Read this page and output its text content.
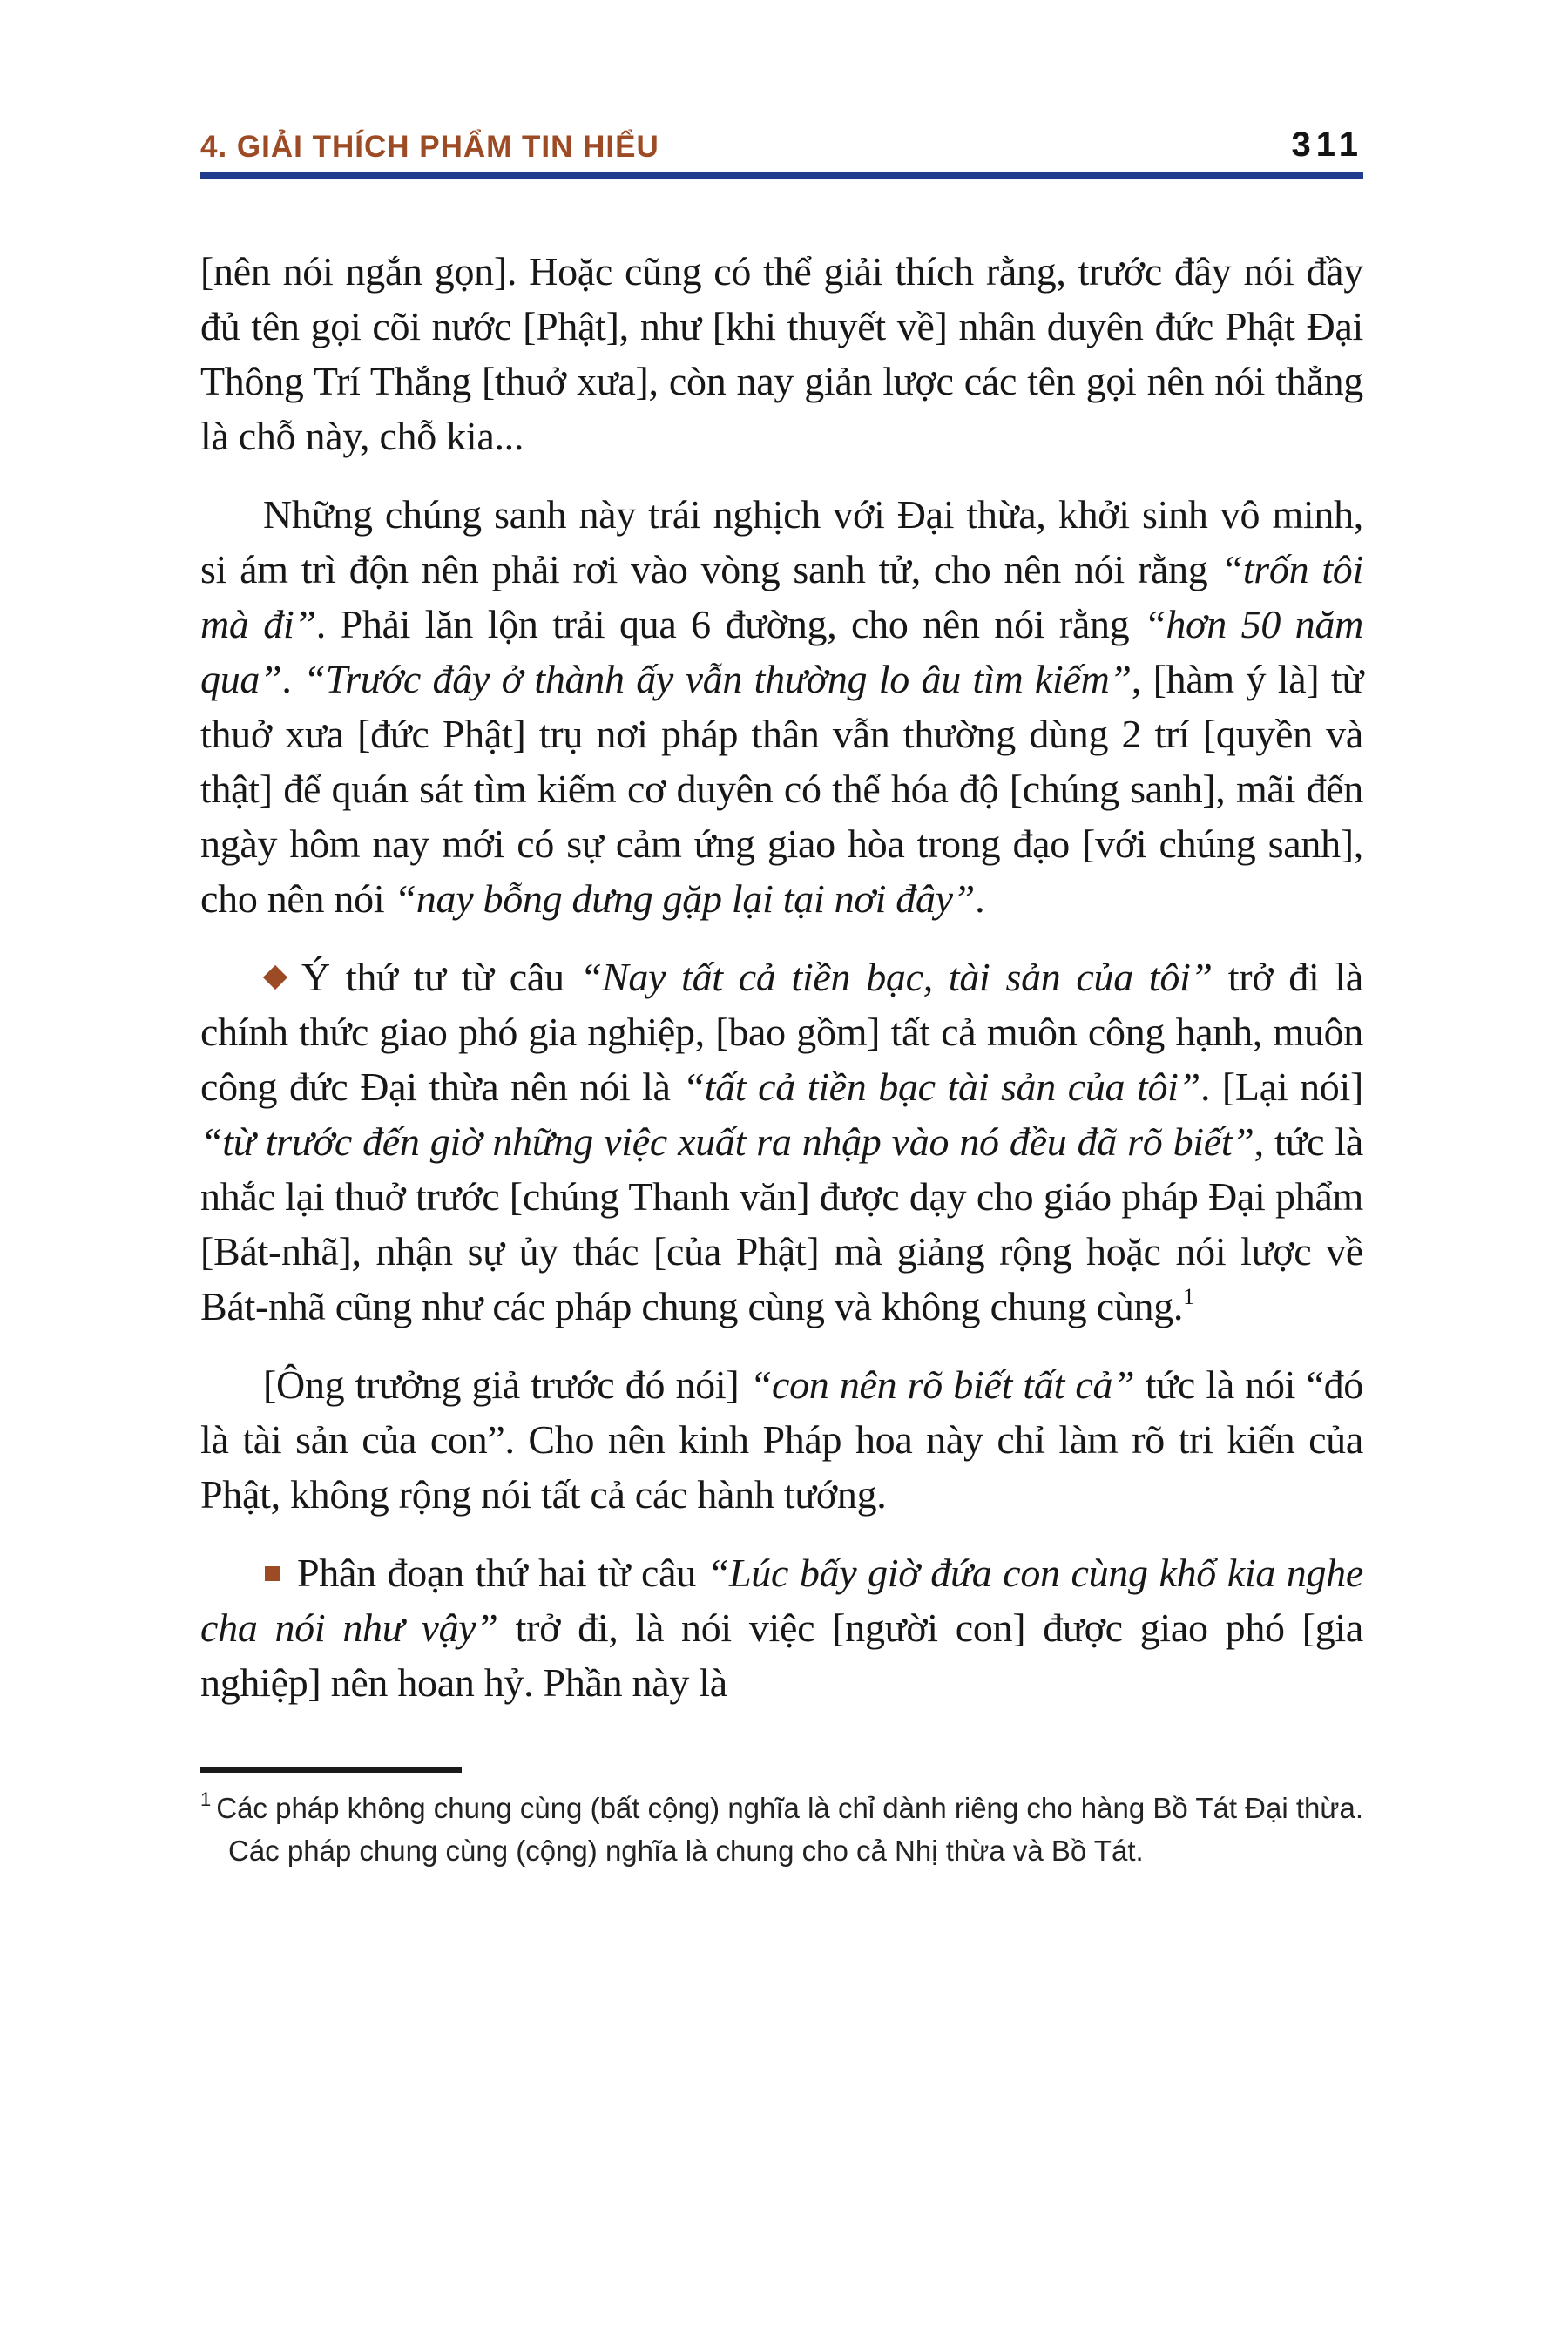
4. GIẢI THÍCH PHẨM TIN HIỂU	311

[nên nói ngắn gọn]. Hoặc cũng có thể giải thích rằng, trước đây nói đầy đủ tên gọi cõi nước [Phật], như [khi thuyết về] nhân duyên đức Phật Đại Thông Trí Thắng [thuở xưa], còn nay giản lược các tên gọi nên nói thẳng là chỗ này, chỗ kia...

Những chúng sanh này trái nghịch với Đại thừa, khởi sinh vô minh, si ám trì độn nên phải rơi vào vòng sanh tử, cho nên nói rằng “trốn tôi mà đi”. Phải lăn lộn trải qua 6 đường, cho nên nói rằng “hơn 50 năm qua”. “Trước đây ở thành ấy vẫn thường lo âu tìm kiếm”, [hàm ý là] từ thuở xưa [đức Phật] trụ nơi pháp thân vẫn thường dùng 2 trí [quyền và thật] để quán sát tìm kiếm cơ duyên có thể hóa độ [chúng sanh], mãi đến ngày hôm nay mới có sự cảm ứng giao hòa trong đạo [với chúng sanh], cho nên nói “nay bỗng dưng gặp lại tại nơi đây”.

Ý thứ tư từ câu “Nay tất cả tiền bạc, tài sản của tôi” trở đi là chính thức giao phó gia nghiệp, [bao gồm] tất cả muôn công hạnh, muôn công đức Đại thừa nên nói là “tất cả tiền bạc tài sản của tôi”. [Lại nói] “từ trước đến giờ những việc xuất ra nhập vào nó đều đã rõ biết”, tức là nhắc lại thuở trước [chúng Thanh văn] được dạy cho giáo pháp Đại phẩm [Bát-nhã], nhận sự ủy thác [của Phật] mà giảng rộng hoặc nói lược về Bát-nhã cũng như các pháp chung cùng và không chung cùng.$^1$

[Ông trưởng giả trước đó nói] “con nên rõ biết tất cả” tức là nói “đó là tài sản của con”. Cho nên kinh Pháp hoa này chỉ làm rõ tri kiến của Phật, không rộng nói tất cả các hành tướng.

Phân đoạn thứ hai từ câu “Lúc bấy giờ đứa con cùng khổ kia nghe cha nói như vậy” trở đi, là nói việc [người con] được giao phó [gia nghiệp] nên hoan hỷ. Phần này là

$^1$ Các pháp không chung cùng (bất cộng) nghĩa là chỉ dành riêng cho hàng Bồ Tát Đại thừa. Các pháp chung cùng (cộng) nghĩa là chung cho cả Nhị thừa và Bồ Tát.
